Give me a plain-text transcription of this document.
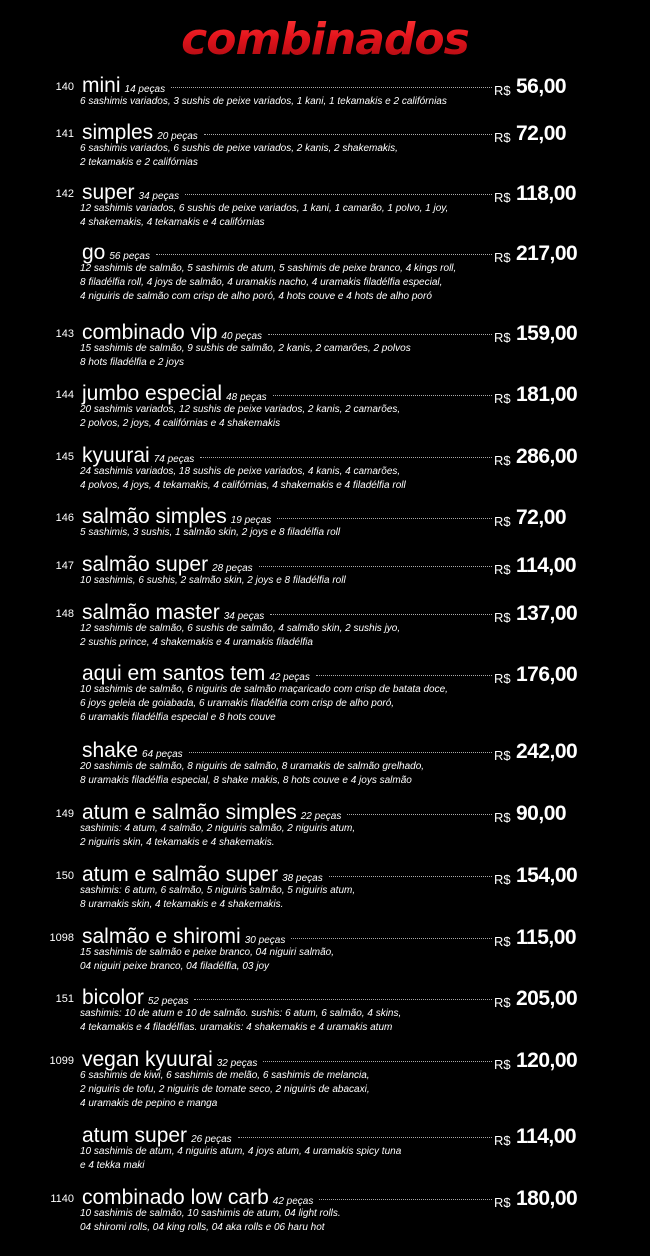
combinados
140 mini 14 peças	R$ 56,00
6 sashimis variados, 3 sushis de peixe variados, 1 kani, 1 tekamakis e 2 califórnias
141 simples 20 peças	R$ 72,00
6 sashimis variados, 6 sushis de peixe variados, 2 kanis, 2 shakemakis,
2 tekamakis e 2 califórnias
142 super 34 peças	R$ 118,00
12 sashimis variados, 6 sushis de peixe variados, 1 kani, 1 camarão, 1 polvo, 1 joy,
4 shakemakis, 4 tekamakis e 4 califórnias
go 56 peças	R$ 217,00
12 sashimis de salmão, 5 sashimis de atum, 5 sashimis de peixe branco, 4 kings roll,
8 filadélfia roll, 4 joys de salmão, 4 uramakis nacho, 4 uramakis filadélfia especial,
4 niguiris de salmão com crisp de alho poró, 4 hots couve e 4 hots de alho poró
143 combinado vip 40 peças	R$ 159,00
15 sashimis de salmão, 9 sushis de salmão, 2 kanis, 2 camarões, 2 polvos
8 hots filadélfia e 2 joys
144 jumbo especial 48 peças	R$ 181,00
20 sashimis variados, 12 sushis de peixe variados, 2 kanis, 2 camarões,
2 polvos, 2 joys, 4 califórnias e 4 shakemakis
145 kyuurai 74 peças	R$ 286,00
24 sashimis variados, 18 sushis de peixe variados, 4 kanis, 4 camarões,
4 polvos, 4 joys, 4 tekamakis, 4 califórnias, 4 shakemakis e 4 filadélfia roll
146 salmão simples 19 peças	R$ 72,00
5 sashimis, 3 sushis, 1 salmão skin, 2 joys e 8 filadélfia roll
147 salmão super 28 peças	R$ 114,00
10 sashimis, 6 sushis, 2 salmão skin, 2 joys e 8 filadélfia roll
148 salmão master 34 peças	R$ 137,00
12 sashimis de salmão, 6 sushis de salmão, 4 salmão skin, 2 sushis jyo,
2 sushis prince, 4 shakemakis e 4 uramakis filadélfia
aqui em santos tem 42 peças	R$ 176,00
10 sashimis de salmão, 6 niguiris de salmão maçaricado com crisp de batata doce,
6 joys geleia de goiabada, 6 uramakis filadélfia com crisp de alho poró,
6 uramakis filadélfia especial e 8 hots couve
shake 64 peças	R$ 242,00
20 sashimis de salmão, 8 niguiris de salmão, 8 uramakis de salmão grelhado,
8 uramakis filadélfia especial, 8 shake makis, 8 hots couve e 4 joys salmão
149 atum e salmão simples 22 peças	R$ 90,00
sashimis: 4 atum, 4 salmão, 2 niguiris salmão, 2 niguiris atum,
2 niguiris skin, 4 tekamakis e 4 shakemakis.
150 atum e salmão super 38 peças	R$ 154,00
sashimis: 6 atum, 6 salmão, 5 niguiris salmão, 5 niguiris atum,
8 uramakis skin, 4 tekamakis e 4 shakemakis.
1098 salmão e shiromi 30 peças	R$ 115,00
15 sashimis de salmão e peixe branco, 04 niguiri salmão,
04 niguiri peixe branco, 04 filadélfia, 03 joy
151 bicolor 52 peças	R$ 205,00
sashimis: 10 de atum e 10 de salmão. sushis: 6 atum, 6 salmão, 4 skins,
4 tekamakis e 4 filadélfias. uramakis: 4 shakemakis e 4 uramakis atum
1099 vegan kyuurai 32 peças	R$ 120,00
6 sashimis de kiwi, 6 sashimis de melão, 6 sashimis de melancia,
2 niguiris de tofu, 2 niguiris de tomate seco, 2 niguiris de abacaxi,
4 uramakis de pepino e manga
atum super 26 peças	R$ 114,00
10 sashimis de atum, 4 niguiris atum, 4 joys atum, 4 uramakis spicy tuna
e 4 tekka maki
1140 combinado low carb 42 peças	R$ 180,00
10 sashimis de salmão, 10 sashimis de atum, 04 light rolls.
04 shiromi rolls, 04 king rolls, 04 aka rolls e 06 haru hot
